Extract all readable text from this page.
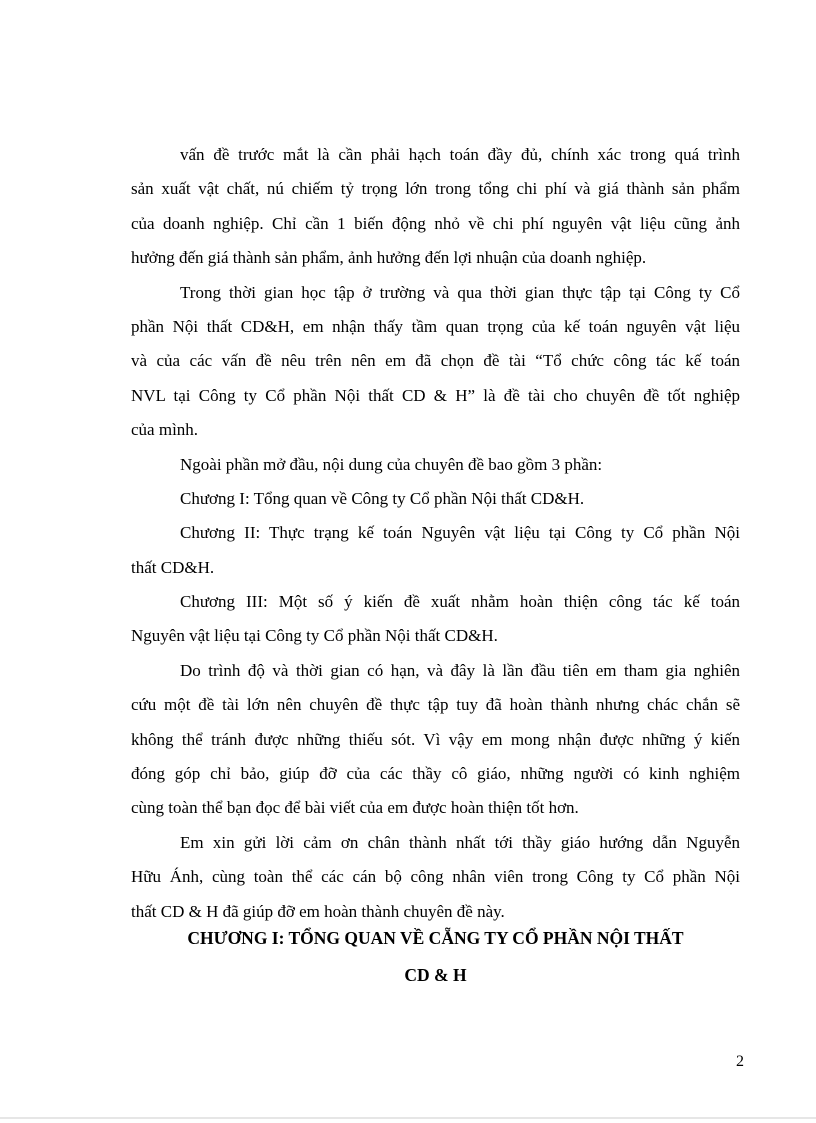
vấn đề trước mắt là cần phải hạch toán đầy đủ, chính xác trong quá trình
sản xuất vật chất, nú chiếm tỷ trọng lớn trong tổng chi phí và giá thành sản phẩm
của doanh nghiệp. Chỉ cần 1 biến động nhỏ về chi phí nguyên vật liệu cũng ảnh
hưởng đến giá thành sản phẩm, ảnh hưởng đến lợi nhuận của doanh nghiệp.
Trong thời gian học tập ở trường và qua thời gian thực tập tại Công ty Cổ
phần Nội thất CD&H, em nhận thấy tầm quan trọng của kế toán nguyên vật liệu
và của các vấn đề nêu trên nên em đã chọn đề tài “Tổ chức công tác kế toán
NVL tại Công ty Cổ phần Nội thất CD & H” là đề tài cho chuyên đề tốt nghiệp
của mình.
Ngoài phần mở đầu, nội dung của chuyên đề bao gồm 3 phần:
Chương I: Tổng quan về Công ty Cổ phần Nội thất CD&H.
Chương II: Thực trạng kế toán Nguyên vật liệu tại Công ty Cổ phần Nội
thất CD&H.
Chương III: Một số ý kiến đề xuất nhằm hoàn thiện công tác kế toán
Nguyên vật liệu tại Công ty Cổ phần Nội thất CD&H.
Do trình độ và thời gian có hạn, và đây là lần đầu tiên em tham gia nghiên
cứu một đề tài lớn nên chuyên đề thực tập tuy đã hoàn thành nhưng chác chắn sẽ
không thể tránh được những thiếu sót. Vì vậy em mong nhận được những ý kiến
đóng góp chỉ bảo, giúp đỡ của các thầy cô giáo, những người có kinh nghiệm
cùng toàn thể bạn đọc để bài viết của em được hoàn thiện tốt hơn.
Em xin gửi lời cảm ơn chân thành nhất tới thầy giáo hướng dẫn Nguyễn
Hữu Ánh, cùng toàn thể các cán bộ công nhân viên trong Công ty Cổ phần Nội
thất CD & H đã giúp đỡ em hoàn thành chuyên đề này.
CHƯƠNG I: TỔNG QUAN VỀ CẴNG TY CỔ PHẦN NỘI THẤT
CD & H
2
